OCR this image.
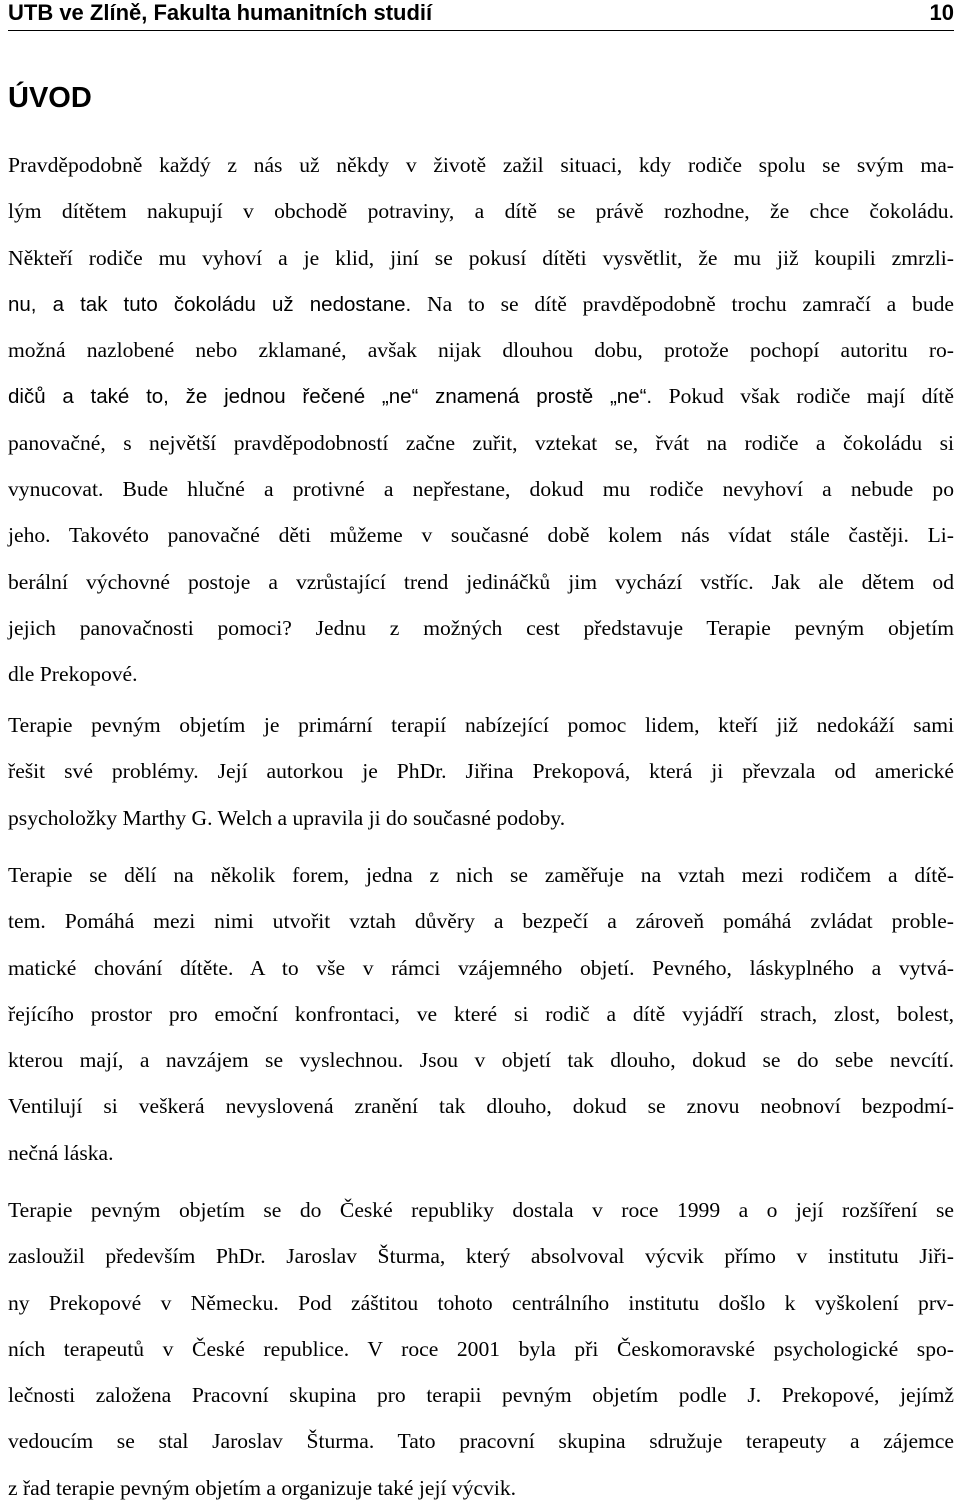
UTB ve Zlíně, Fakulta humanitních studií	10
ÚVOD
Pravděpodobně každý z nás už někdy v životě zažil situaci, kdy rodiče spolu se svým ma-
lým dítětem nakupují v obchodě potraviny, a dítě se právě rozhodne, že chce čokoládu.
Někteří rodiče mu vyhoví a je klid, jiní se pokusí dítěti vysvětlit, že mu již koupili zmrzli-
nu, a tak tuto čokoládu už nedostane. Na to se dítě pravděpodobně trochu zamračí a bude
možná nazlobené nebo zklamané, avšak nijak dlouhou dobu, protože pochopí autoritu ro-
dičů a také to, že jednou řečené „ne“ znamená prostě „ne“. Pokud však rodiče mají dítě
panovačné, s největší pravděpodobností začne zuřit, vztekat se, řvát na rodiče a čokoládu si
vynucovat. Bude hlučné a protivné a nepřestane, dokud mu rodiče nevyhoví a nebude po
jeho. Takovéto panovačné děti můžeme v současné době kolem nás vídat stále častěji. Li-
berální výchovné postoje a vzrůstající trend jedináčků jim vychází vstříc. Jak ale dětem od
jejich panovačnosti pomoci? Jednu z možných cest představuje Terapie pevným objetím
dle Prekopové.
Terapie pevným objetím je primární terapií nabízející pomoc lidem, kteří již nedokáží sami
řešit své problémy. Její autorkou je PhDr. Jiřina Prekopová, která ji převzala od americké
psycholožky Marthy G. Welch a upravila ji do současné podoby.
Terapie se dělí na několik forem, jedna z nich se zaměřuje na vztah mezi rodičem a dítě-
tem. Pomáhá mezi nimi utvořit vztah důvěry a bezpečí a zároveň pomáhá zvládat proble-
matické chování dítěte. A to vše v rámci vzájemného objetí. Pevného, láskyplného a vytvá-
řejícího prostor pro emoční konfrontaci, ve které si rodič a dítě vyjádří strach, zlost, bolest,
kterou mají, a navzájem se vyslechnou. Jsou v objetí tak dlouho, dokud se do sebe nevcítí.
Ventilují si veškerá nevyslovená zranění tak dlouho, dokud se znovu neobnoví bezpodmí-
nečná láska.
Terapie pevným objetím se do České republiky dostala v roce 1999 a o její rozšíření se
zasloužil především PhDr. Jaroslav Šturma, který absolvoval výcvik přímo v institutu Jiři-
ny Prekopové v Německu. Pod záštitou tohoto centrálního institutu došlo k vyškolení prv-
ních terapeutů v České republice. V roce 2001 byla při Českomoravské psychologické spo-
lečnosti založena Pracovní skupina pro terapii pevným objetím podle J. Prekopové, jejímž
vedoucím se stal Jaroslav Šturma. Tato pracovní skupina sdružuje terapeuty a zájemce
z řad terapie pevným objetím a organizuje také její výcvik.
